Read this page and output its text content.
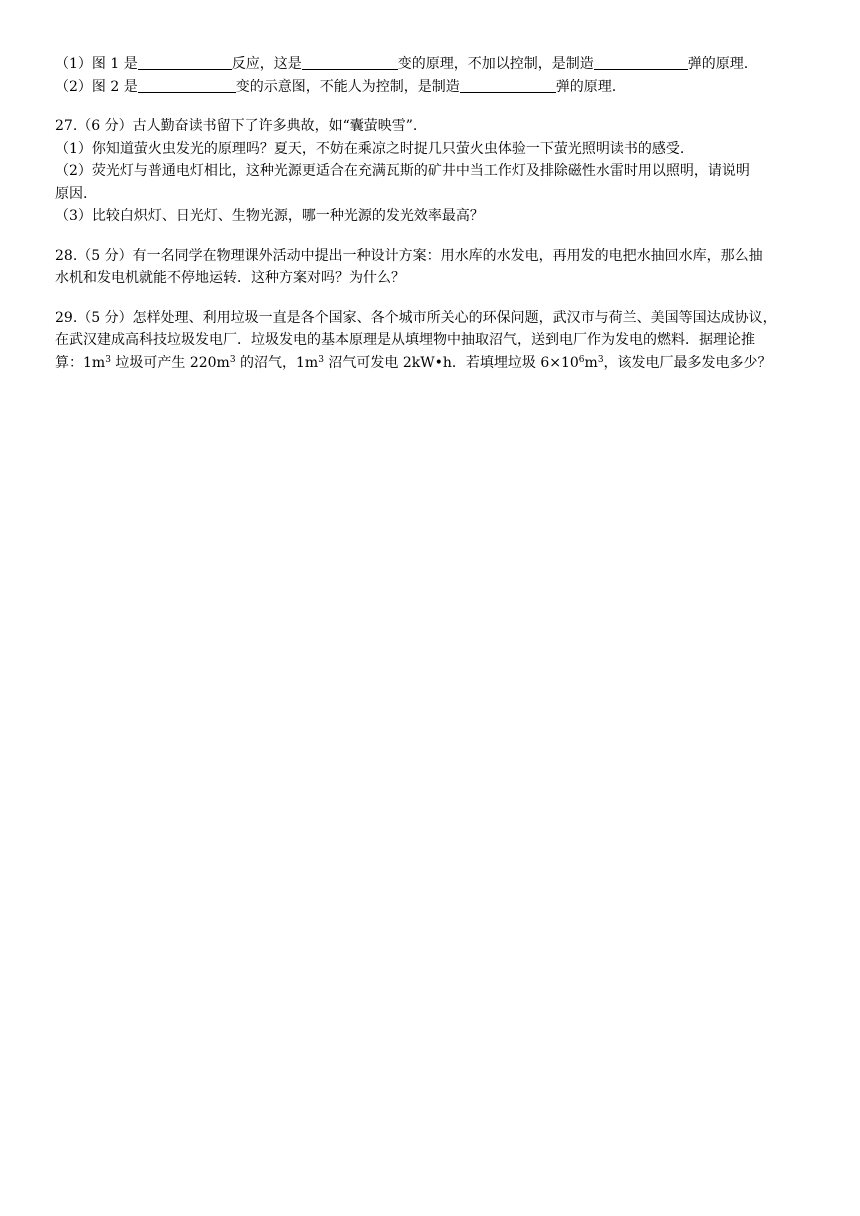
（1）图 1 是	反应，这是	变的原理，不加以控制，是制造	弹的原理.
（2）图 2 是	变的示意图，不能人为控制，是制造	弹的原理.
27.（6 分）古人勤奋读书留下了许多典故，如“囊萤映雪”.
（1）你知道萤火虫发光的原理吗？夏天，不妨在乘凉之时捉几只萤火虫体验一下萤光照明读书的感受.
（2）荧光灯与普通电灯相比，这种光源更适合在充满瓦斯的矿井中当工作灯及排除磁性水雷时用以照明，请说明
原因.
（3）比较白炽灯、日光灯、生物光源，哪一种光源的发光效率最高？
28.（5 分）有一名同学在物理课外活动中提出一种设计方案：用水库的水发电，再用发的电把水抽回水库，那么抽
水机和发电机就能不停地运转．这种方案对吗？为什么？
29.（5 分）怎样处理、利用垃圾一直是各个国家、各个城市所关心的环保问题，武汉市与荷兰、美国等国达成协议，
在武汉建成高科技垃圾发电厂．垃圾发电的基本原理是从填埋物中抽取沼气，送到电厂作为发电的燃料．据理论推
算：$1m^3$ 垃圾可产生 $220m^3$ 的沼气，$1m^3$ 沼气可发电 2kW•h．若填埋垃圾 $6\times 10^6m^3$，该发电厂最多发电多少？
